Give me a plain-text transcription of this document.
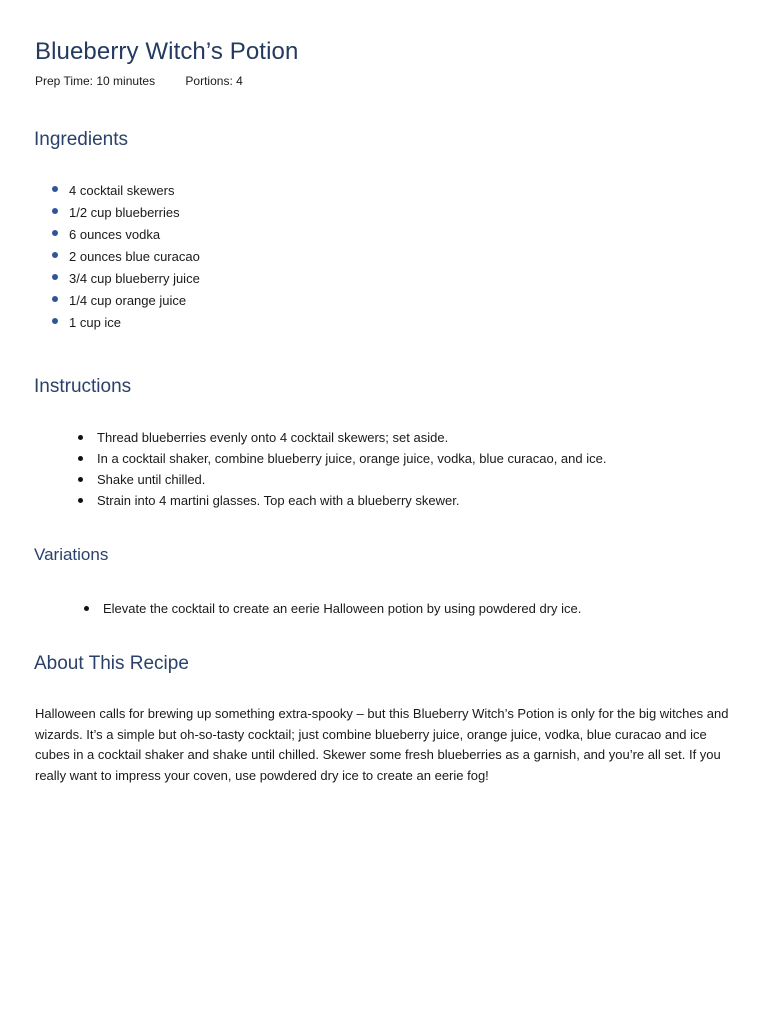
Blueberry Witch’s Potion
Prep Time: 10 minutes	Portions: 4
Ingredients
4 cocktail skewers
1/2 cup blueberries
6 ounces vodka
2 ounces blue curacao
3/4 cup blueberry juice
1/4 cup orange juice
1 cup ice
Instructions
Thread blueberries evenly onto 4 cocktail skewers; set aside.
In a cocktail shaker, combine blueberry juice, orange juice, vodka, blue curacao, and ice.
Shake until chilled.
Strain into 4 martini glasses. Top each with a blueberry skewer.
Variations
Elevate the cocktail to create an eerie Halloween potion by using powdered dry ice.
About This Recipe

Halloween calls for brewing up something extra-spooky – but this Blueberry Witch’s Potion is only for the big witches and wizards. It’s a simple but oh-so-tasty cocktail; just combine blueberry juice, orange juice, vodka, blue curacao and ice cubes in a cocktail shaker and shake until chilled. Skewer some fresh blueberries as a garnish, and you’re all set. If you really want to impress your coven, use powdered dry ice to create an eerie fog!
